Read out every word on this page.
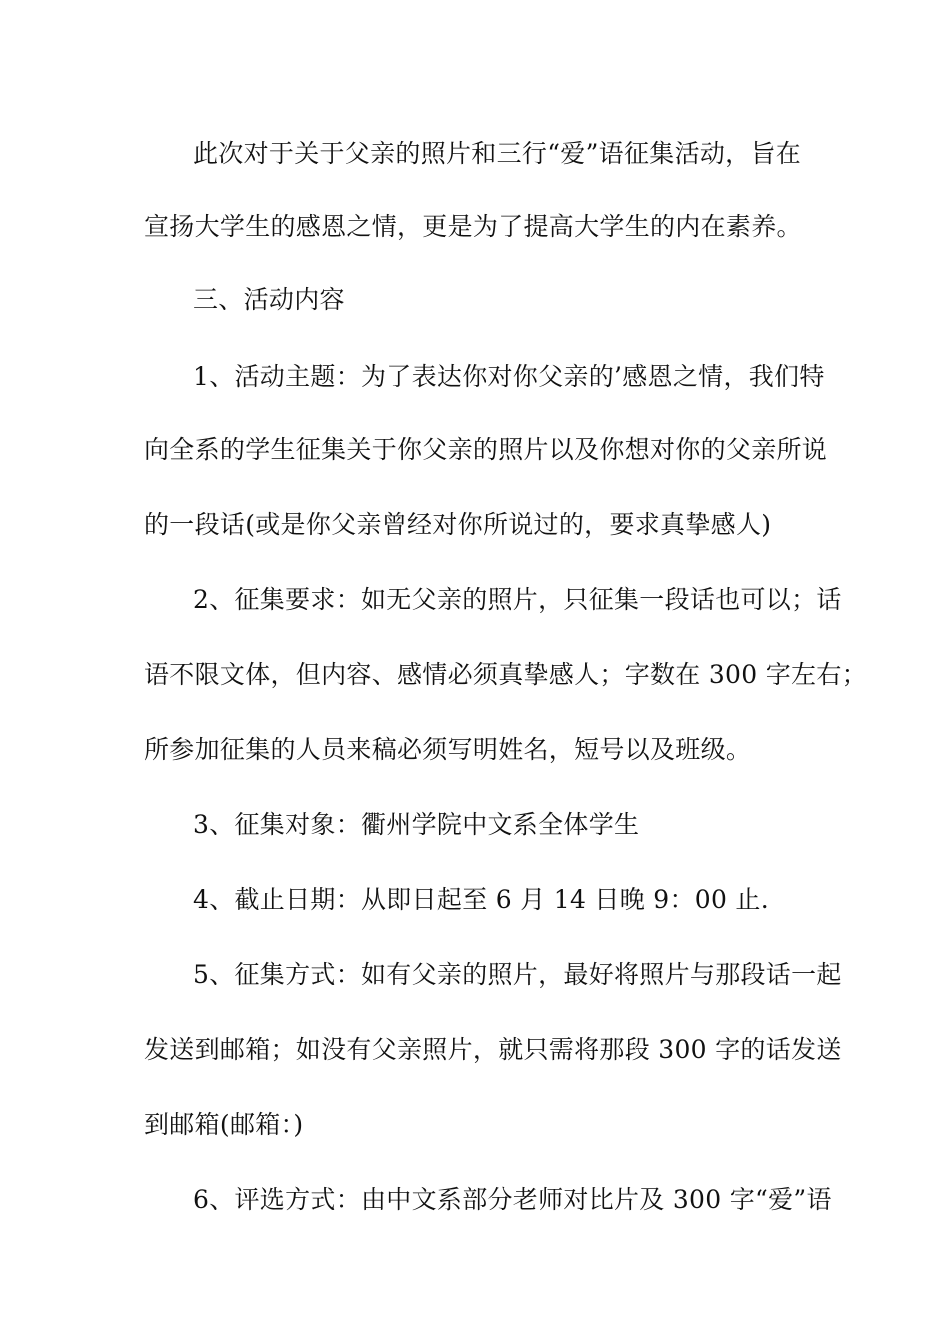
此次对于关于父亲的照片和三行“爱”语征集活动，旨在
宣扬大学生的感恩之情，更是为了提高大学生的内在素养。
三、活动内容
1、活动主题：为了表达你对你父亲的’感恩之情，我们特
向全系的学生征集关于你父亲的照片以及你想对你的父亲所说
的一段话(或是你父亲曾经对你所说过的，要求真挚感人)
2、征集要求：如无父亲的照片，只征集一段话也可以；话
语不限文体，但内容、感情必须真挚感人；字数在 300 字左右；
所参加征集的人员来稿必须写明姓名，短号以及班级。
3、征集对象：衢州学院中文系全体学生
4、截止日期：从即日起至 6 月 14 日晚 9：00 止.
5、征集方式：如有父亲的照片，最好将照片与那段话一起
发送到邮箱；如没有父亲照片，就只需将那段 300 字的话发送
到邮箱(邮箱：)
6、评选方式：由中文系部分老师对比片及 300 字“爱”语
